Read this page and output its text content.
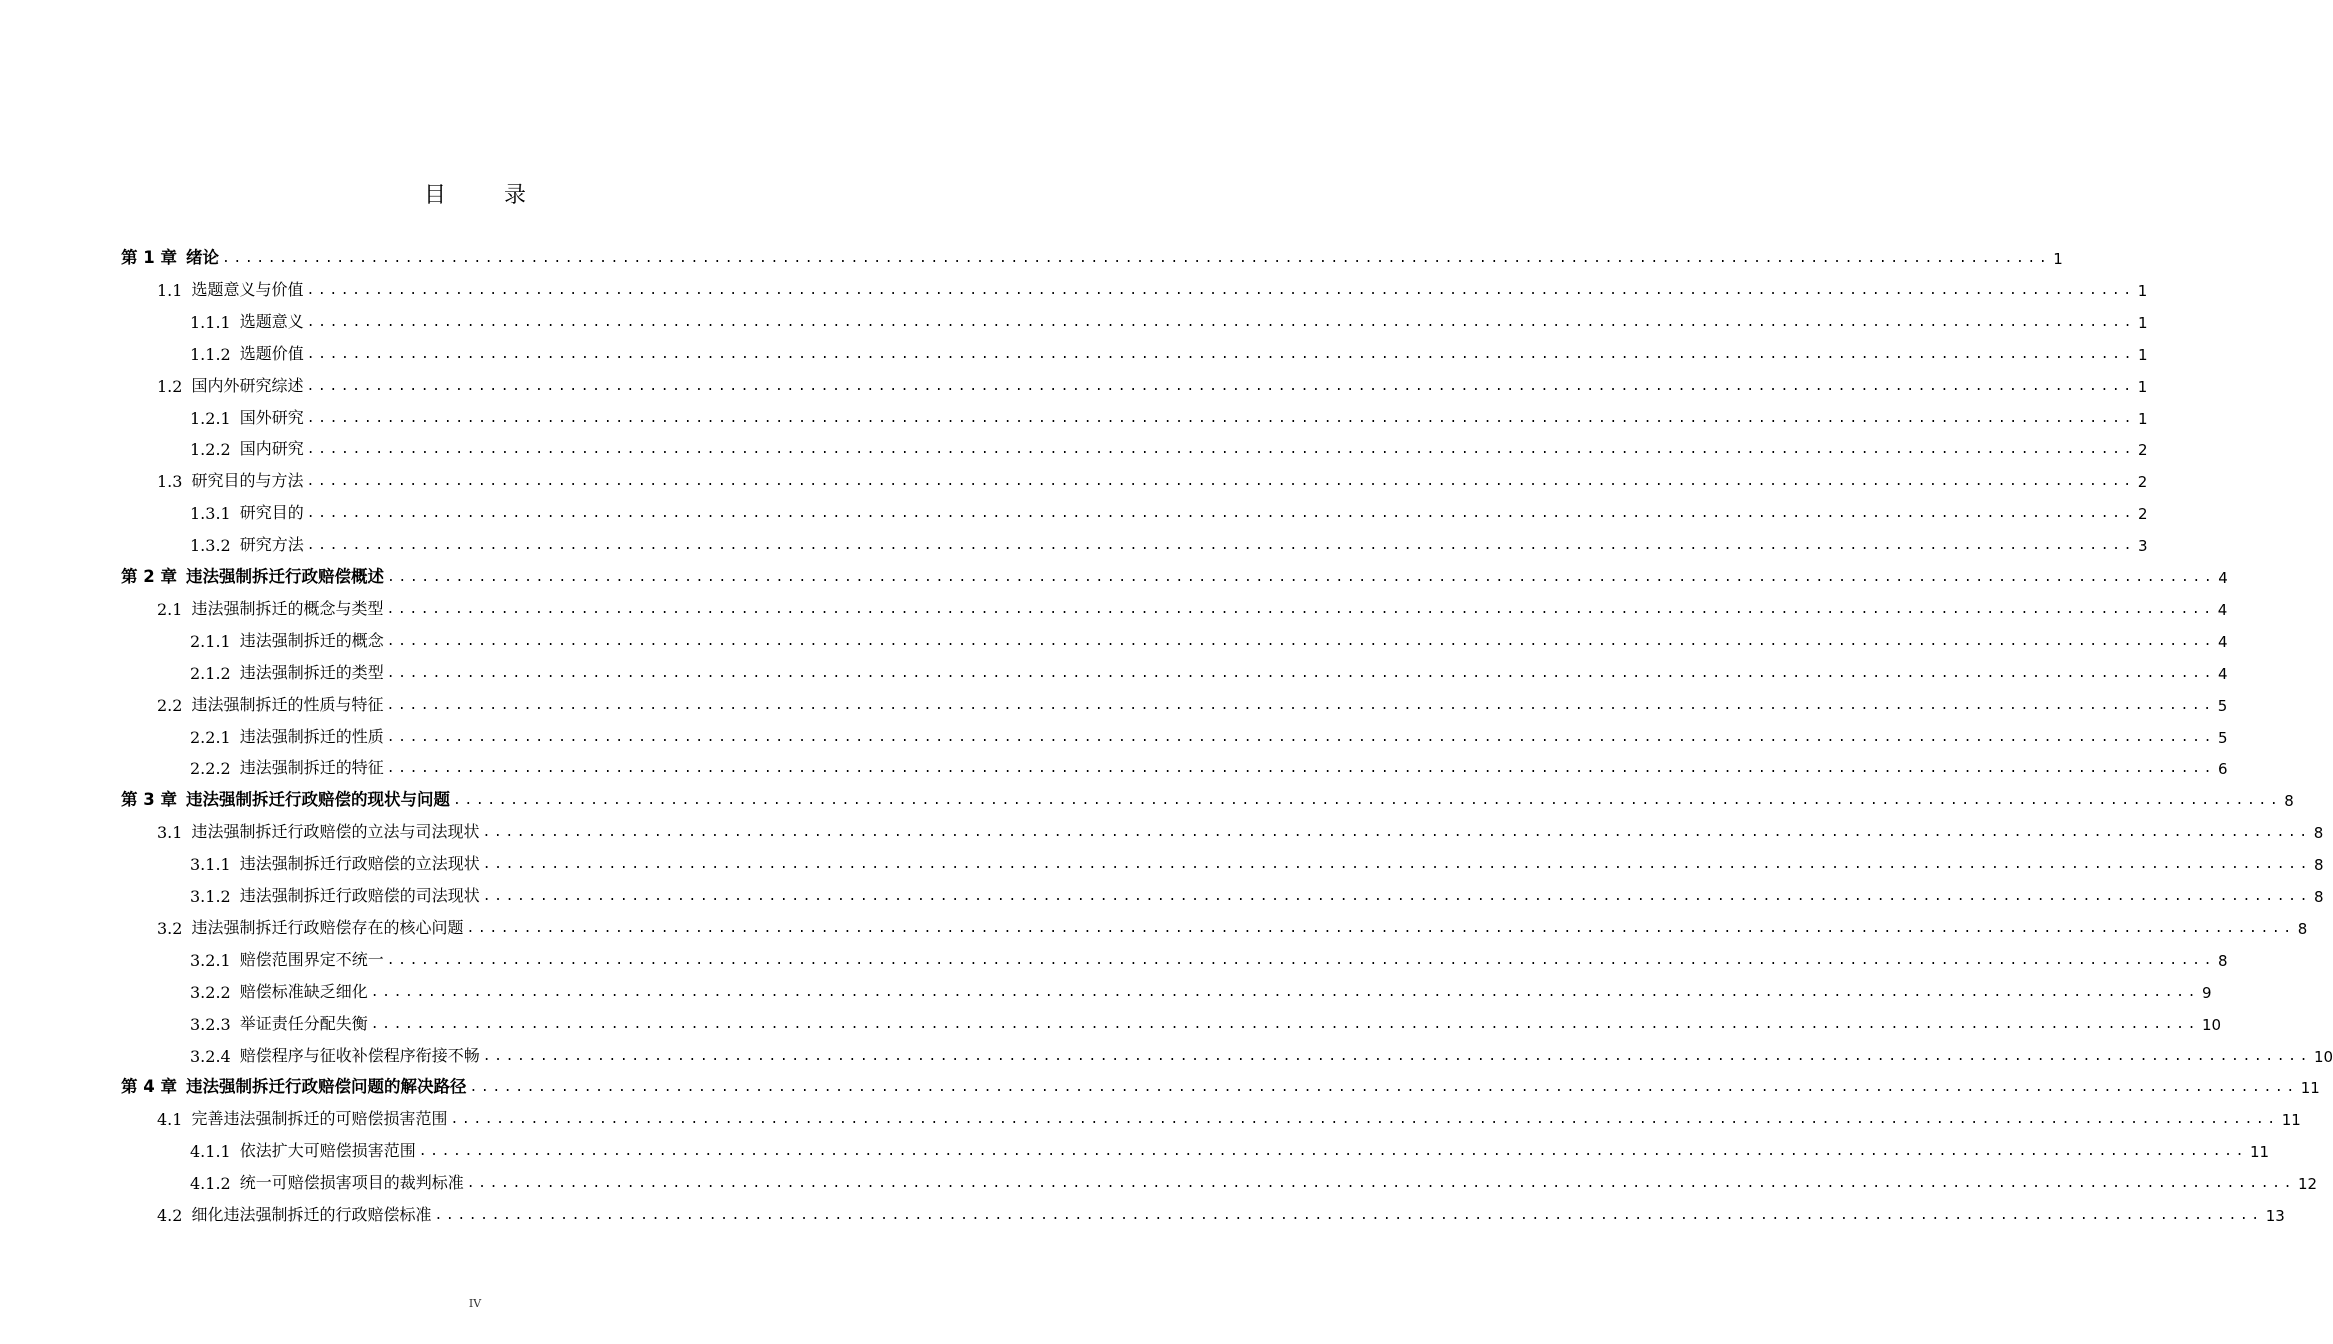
目　录
第 1 章 绪论 ................................................................................................................................................................ 1
1.1 选题意义与价值 ................................................................................................................................................................ 1
1.1.1 选题意义 ................................................................................................................................................................ 1
1.1.2 选题价值 ................................................................................................................................................................ 1
1.2 国内外研究综述 ................................................................................................................................................................ 1
1.2.1 国外研究 ................................................................................................................................................................ 1
1.2.2 国内研究 ................................................................................................................................................................ 2
1.3 研究目的与方法 ................................................................................................................................................................ 2
1.3.1 研究目的 ................................................................................................................................................................ 2
1.3.2 研究方法 ................................................................................................................................................................ 3
第 2 章 违法强制拆迁行政赔偿概述 ................................................................................................................................................................ 4
2.1 违法强制拆迁的概念与类型 ................................................................................................................................................................ 4
2.1.1 违法强制拆迁的概念 ................................................................................................................................................................ 4
2.1.2 违法强制拆迁的类型 ................................................................................................................................................................ 4
2.2 违法强制拆迁的性质与特征 ................................................................................................................................................................ 5
2.2.1 违法强制拆迁的性质 ................................................................................................................................................................ 5
2.2.2 违法强制拆迁的特征 ................................................................................................................................................................ 6
第 3 章 违法强制拆迁行政赔偿的现状与问题 ................................................................................................................................................................ 8
3.1 违法强制拆迁行政赔偿的立法与司法现状 ................................................................................................................................................................ 8
3.1.1 违法强制拆迁行政赔偿的立法现状 ................................................................................................................................................................ 8
3.1.2 违法强制拆迁行政赔偿的司法现状 ................................................................................................................................................................ 8
3.2 违法强制拆迁行政赔偿存在的核心问题 ................................................................................................................................................................ 8
3.2.1 赔偿范围界定不统一 ................................................................................................................................................................ 8
3.2.2 赔偿标准缺乏细化 ................................................................................................................................................................ 9
3.2.3 举证责任分配失衡 ................................................................................................................................................................ 10
3.2.4 赔偿程序与征收补偿程序衔接不畅 ................................................................................................................................................................ 10
第 4 章 违法强制拆迁行政赔偿问题的解决路径 ................................................................................................................................................................ 11
4.1 完善违法强制拆迁的可赔偿损害范围 ................................................................................................................................................................ 11
4.1.1 依法扩大可赔偿损害范围 ................................................................................................................................................................ 11
4.1.2 统一可赔偿损害项目的裁判标准 ................................................................................................................................................................ 12
4.2 细化违法强制拆迁的行政赔偿标准 ................................................................................................................................................................ 13
IV
